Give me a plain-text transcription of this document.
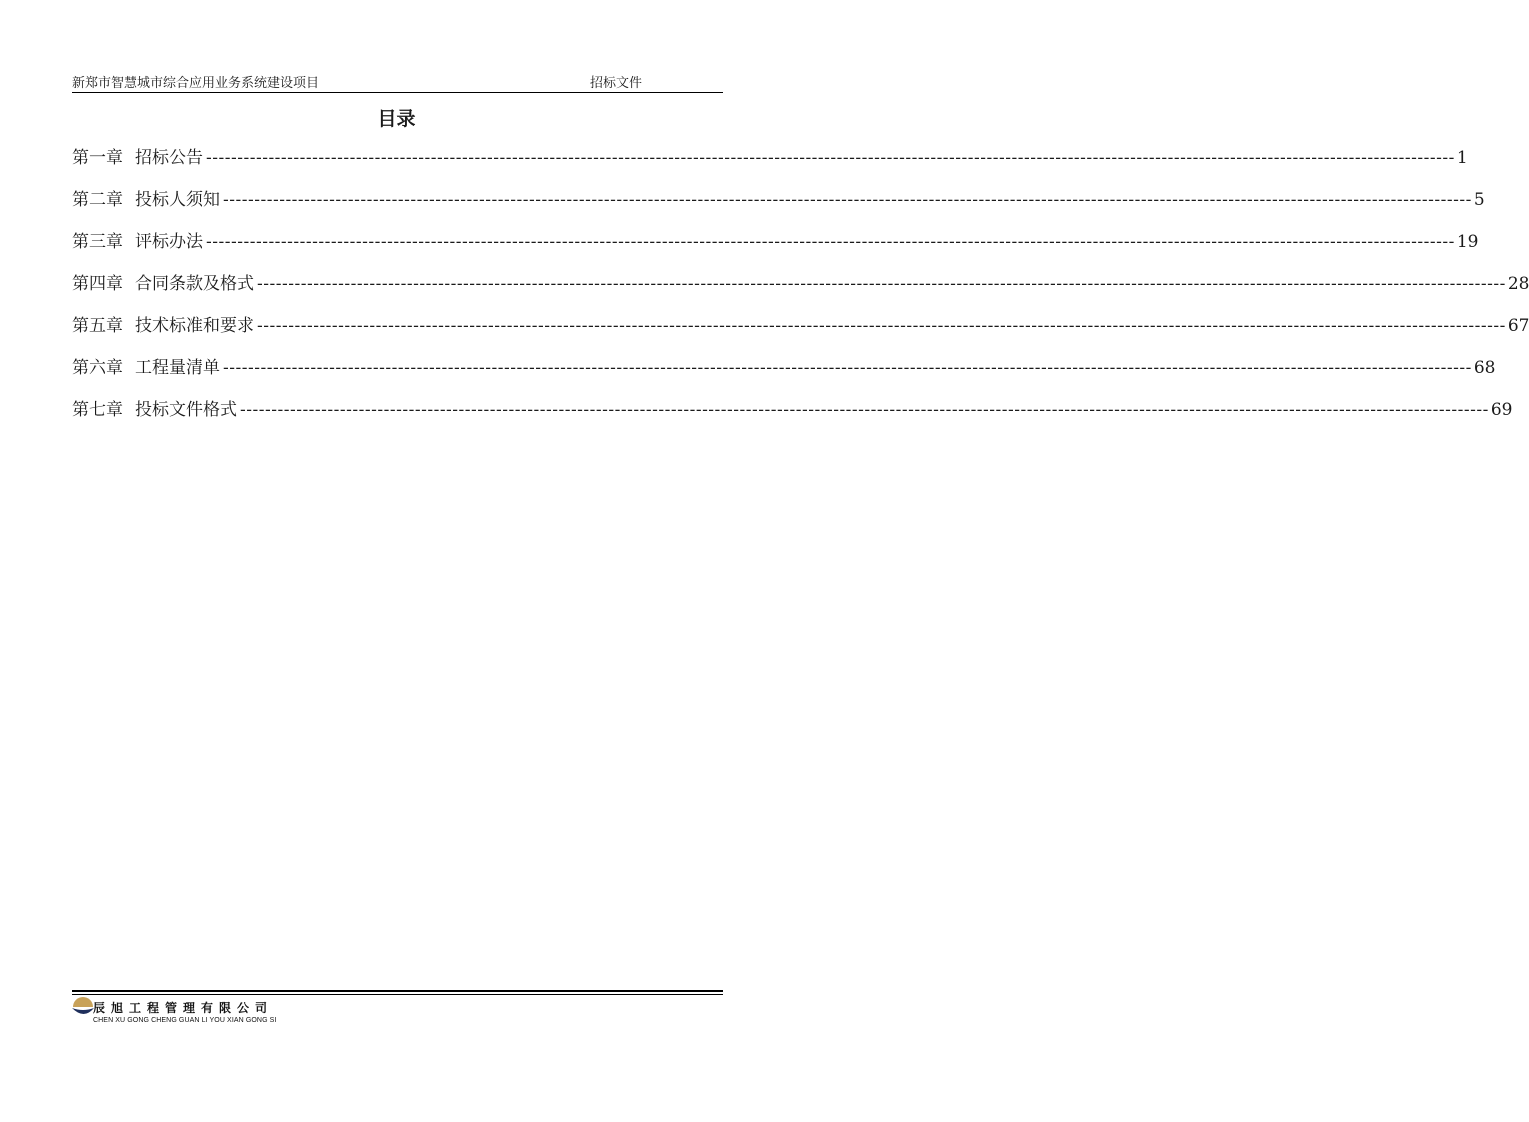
新郑市智慧城市综合应用业务系统建设项目	招标文件
目录
第一章 招标公告 -------------------------------------------------------------------------------------------------------------------------------------------------------------------------------------------------------- 1
第二章 投标人须知 -------------------------------------------------------------------------------------------------------------------------------------------------------------------------------------------------------- 5
第三章 评标办法 -------------------------------------------------------------------------------------------------------------------------------------------------------------------------------------------------------- 19
第四章 合同条款及格式 -------------------------------------------------------------------------------------------------------------------------------------------------------------------------------------------------------- 28
第五章 技术标准和要求 -------------------------------------------------------------------------------------------------------------------------------------------------------------------------------------------------------- 67
第六章 工程量清单 -------------------------------------------------------------------------------------------------------------------------------------------------------------------------------------------------------- 68
第七章 投标文件格式 -------------------------------------------------------------------------------------------------------------------------------------------------------------------------------------------------------- 69
辰旭工程管理有限公司
CHEN XU GONG CHENG GUAN LI YOU XIAN GONG SI
